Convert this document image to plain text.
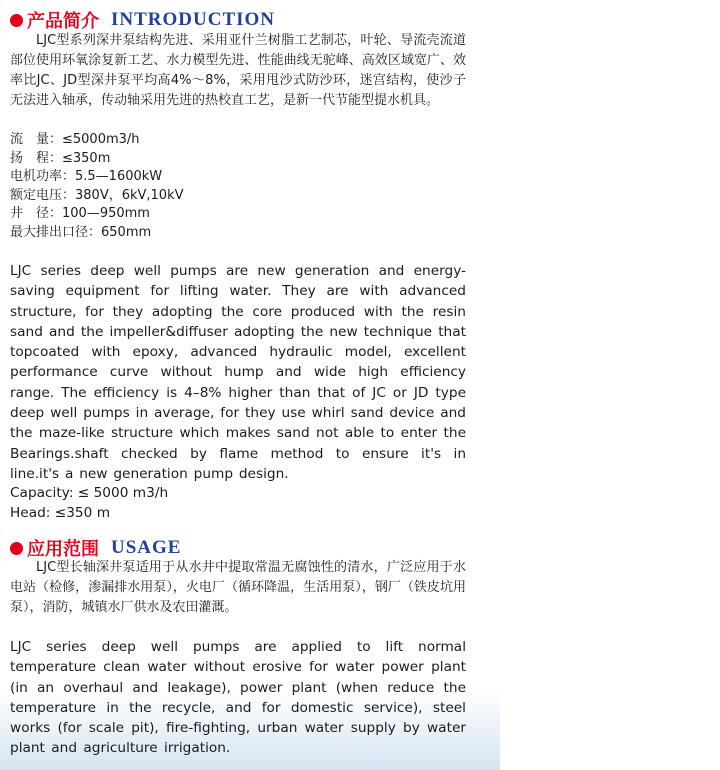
产品简介 INTRODUCTION
LJC型系列深井泵结构先进、采用亚什兰树脂工艺制芯，叶轮、导流壳流道部位使用环氧涂复新工艺、水力模型先进、性能曲线无驼峰、高效区域宽广、效率比JC、JD型深井泵平均高4%～8%，采用甩沙式防沙环，迷宫结构，使沙子无法进入轴承，传动轴采用先进的热校直工艺，是新一代节能型提水机具。
流　量：≤5000m3/h
扬　程：≤350m
电机功率：5.5—1600kW
额定电压：380V，6kV,10kV
井　径：100—950mm
最大排出口径：650mm
LJC series deep well pumps are new generation and energy-saving equipment for lifting water. They are with advanced structure, for they adopting the core produced with the resin sand and the impeller&diffuser adopting the new technique that topcoated with epoxy, advanced hydraulic model, excellent performance curve without hump and wide high efficiency range. The efficiency is 4–8% higher than that of JC or JD type deep well pumps in average, for they use whirl sand device and the maze-like structure which makes sand not able to enter the Bearings.shaft checked by flame method to ensure it's in line.it's a new generation pump design.
Capacity: ≤ 5000 m3/h
Head: ≤350 m
应用范围 USAGE
LJC型长轴深井泵适用于从水井中提取常温无腐蚀性的清水，广泛应用于水电站（检修，渗漏排水用泵），火电厂（循环降温，生活用泵），钢厂（铁皮坑用泵），消防，城镇水厂供水及农田灌溉。
LJC series deep well pumps are applied to lift normal temperature clean water without erosive for water power plant (in an overhaul and leakage), power plant (when reduce the temperature in the recycle, and for domestic service), steel works (for scale pit), fire-fighting, urban water supply by water plant and agriculture irrigation.
